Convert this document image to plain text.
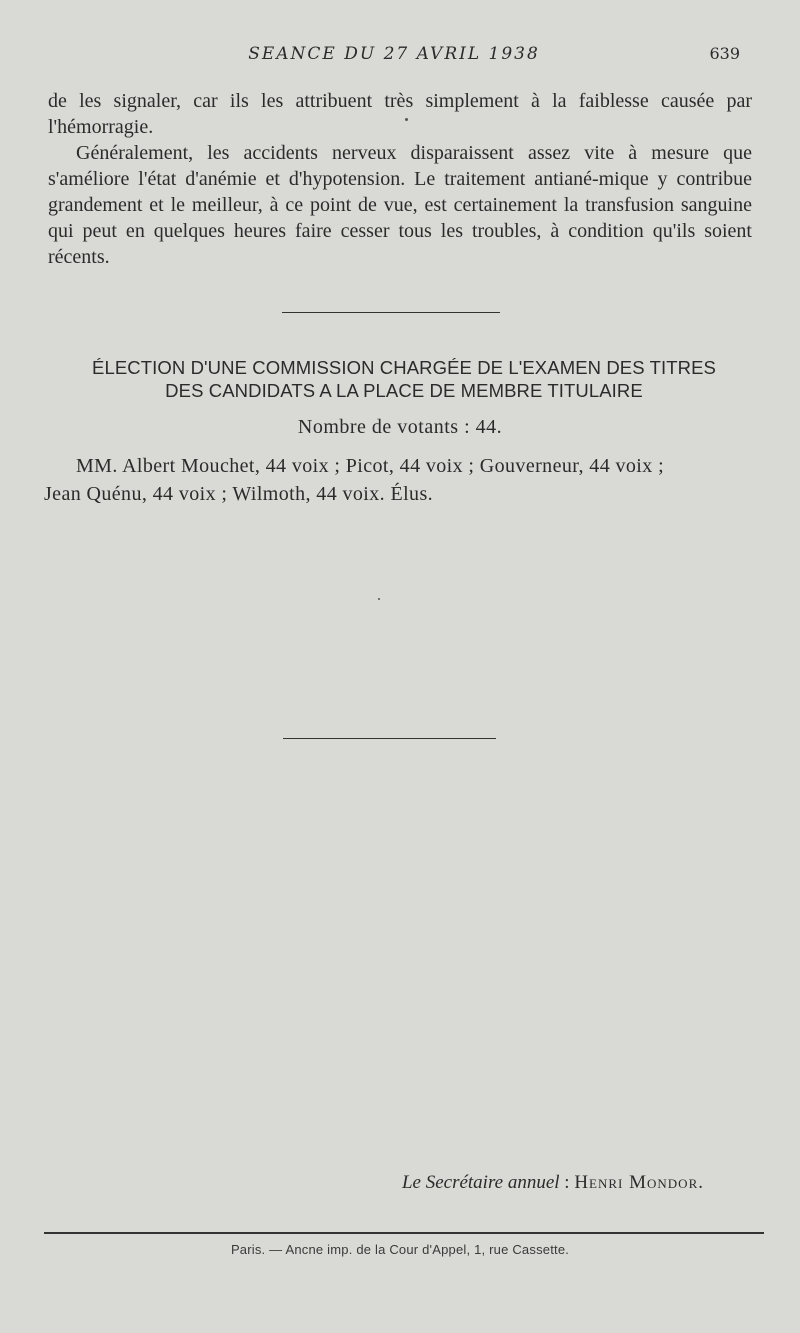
SEANCE DU 27 AVRIL 1938	639
de les signaler, car ils les attribuent très simplement à la faiblesse causée par l'hémorragie.
Généralement, les accidents nerveux disparaissent assez vite à mesure que s'améliore l'état d'anémie et d'hypotension. Le traitement antiané-mique y contribue grandement et le meilleur, à ce point de vue, est certainement la transfusion sanguine qui peut en quelques heures faire cesser tous les troubles, à condition qu'ils soient récents.
ÉLECTION D'UNE COMMISSION CHARGÉE DE L'EXAMEN DES TITRES
DES CANDIDATS A LA PLACE DE MEMBRE TITULAIRE
Nombre de votants : 44.
MM. Albert Mouchet, 44 voix ; Picot, 44 voix ; Gouverneur, 44 voix ;
Jean Quénu, 44 voix ; Wilmoth, 44 voix. Élus.
Le Secrétaire annuel : Henri Mondor.
Paris. — Ancne imp. de la Cour d'Appel, 1, rue Cassette.
